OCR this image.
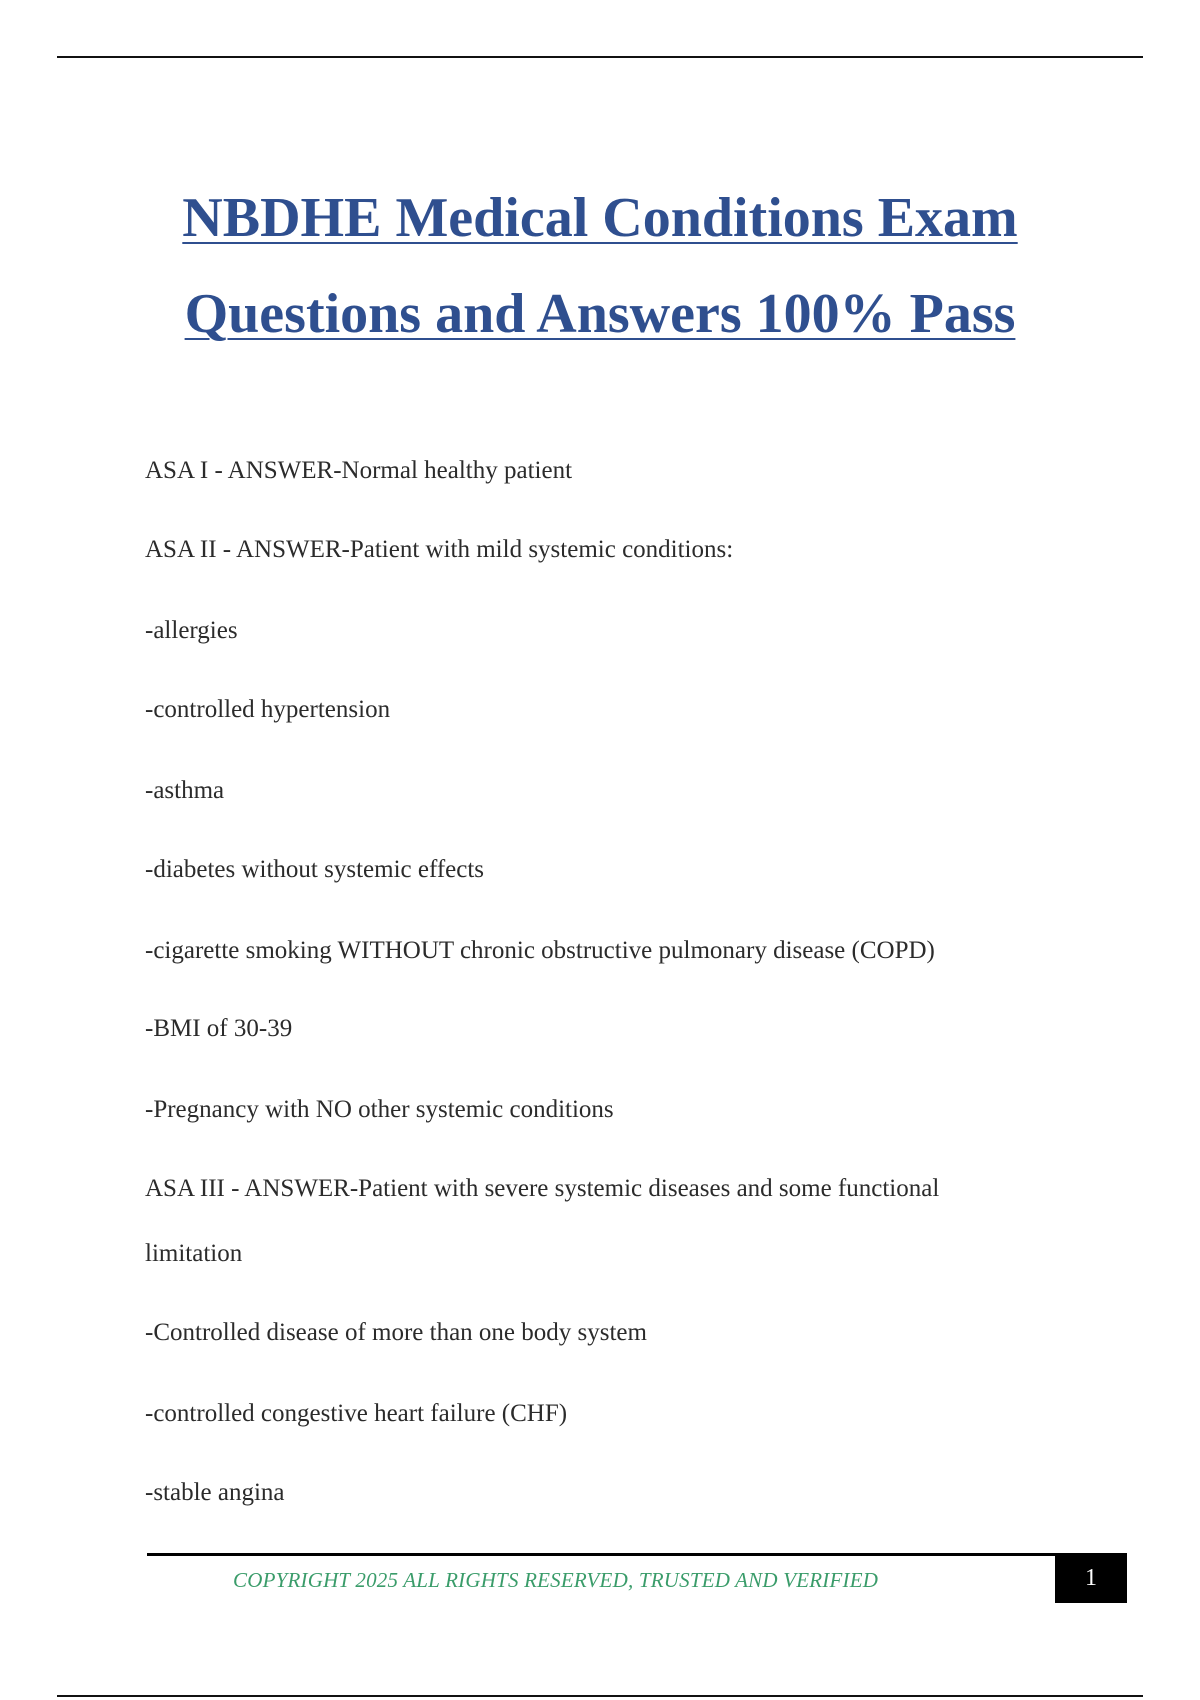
NBDHE Medical Conditions Exam
Questions and Answers 100% Pass

ASA I - ANSWER-Normal healthy patient

ASA II - ANSWER-Patient with mild systemic conditions:

-allergies

-controlled hypertension

-asthma

-diabetes without systemic effects

-cigarette smoking WITHOUT chronic obstructive pulmonary disease (COPD)

-BMI of 30-39

-Pregnancy with NO other systemic conditions

ASA III - ANSWER-Patient with severe systemic diseases and some functional

limitation

-Controlled disease of more than one body system

-controlled congestive heart failure (CHF)

-stable angina

COPYRIGHT 2025 ALL RIGHTS RESERVED, TRUSTED AND VERIFIED	1
